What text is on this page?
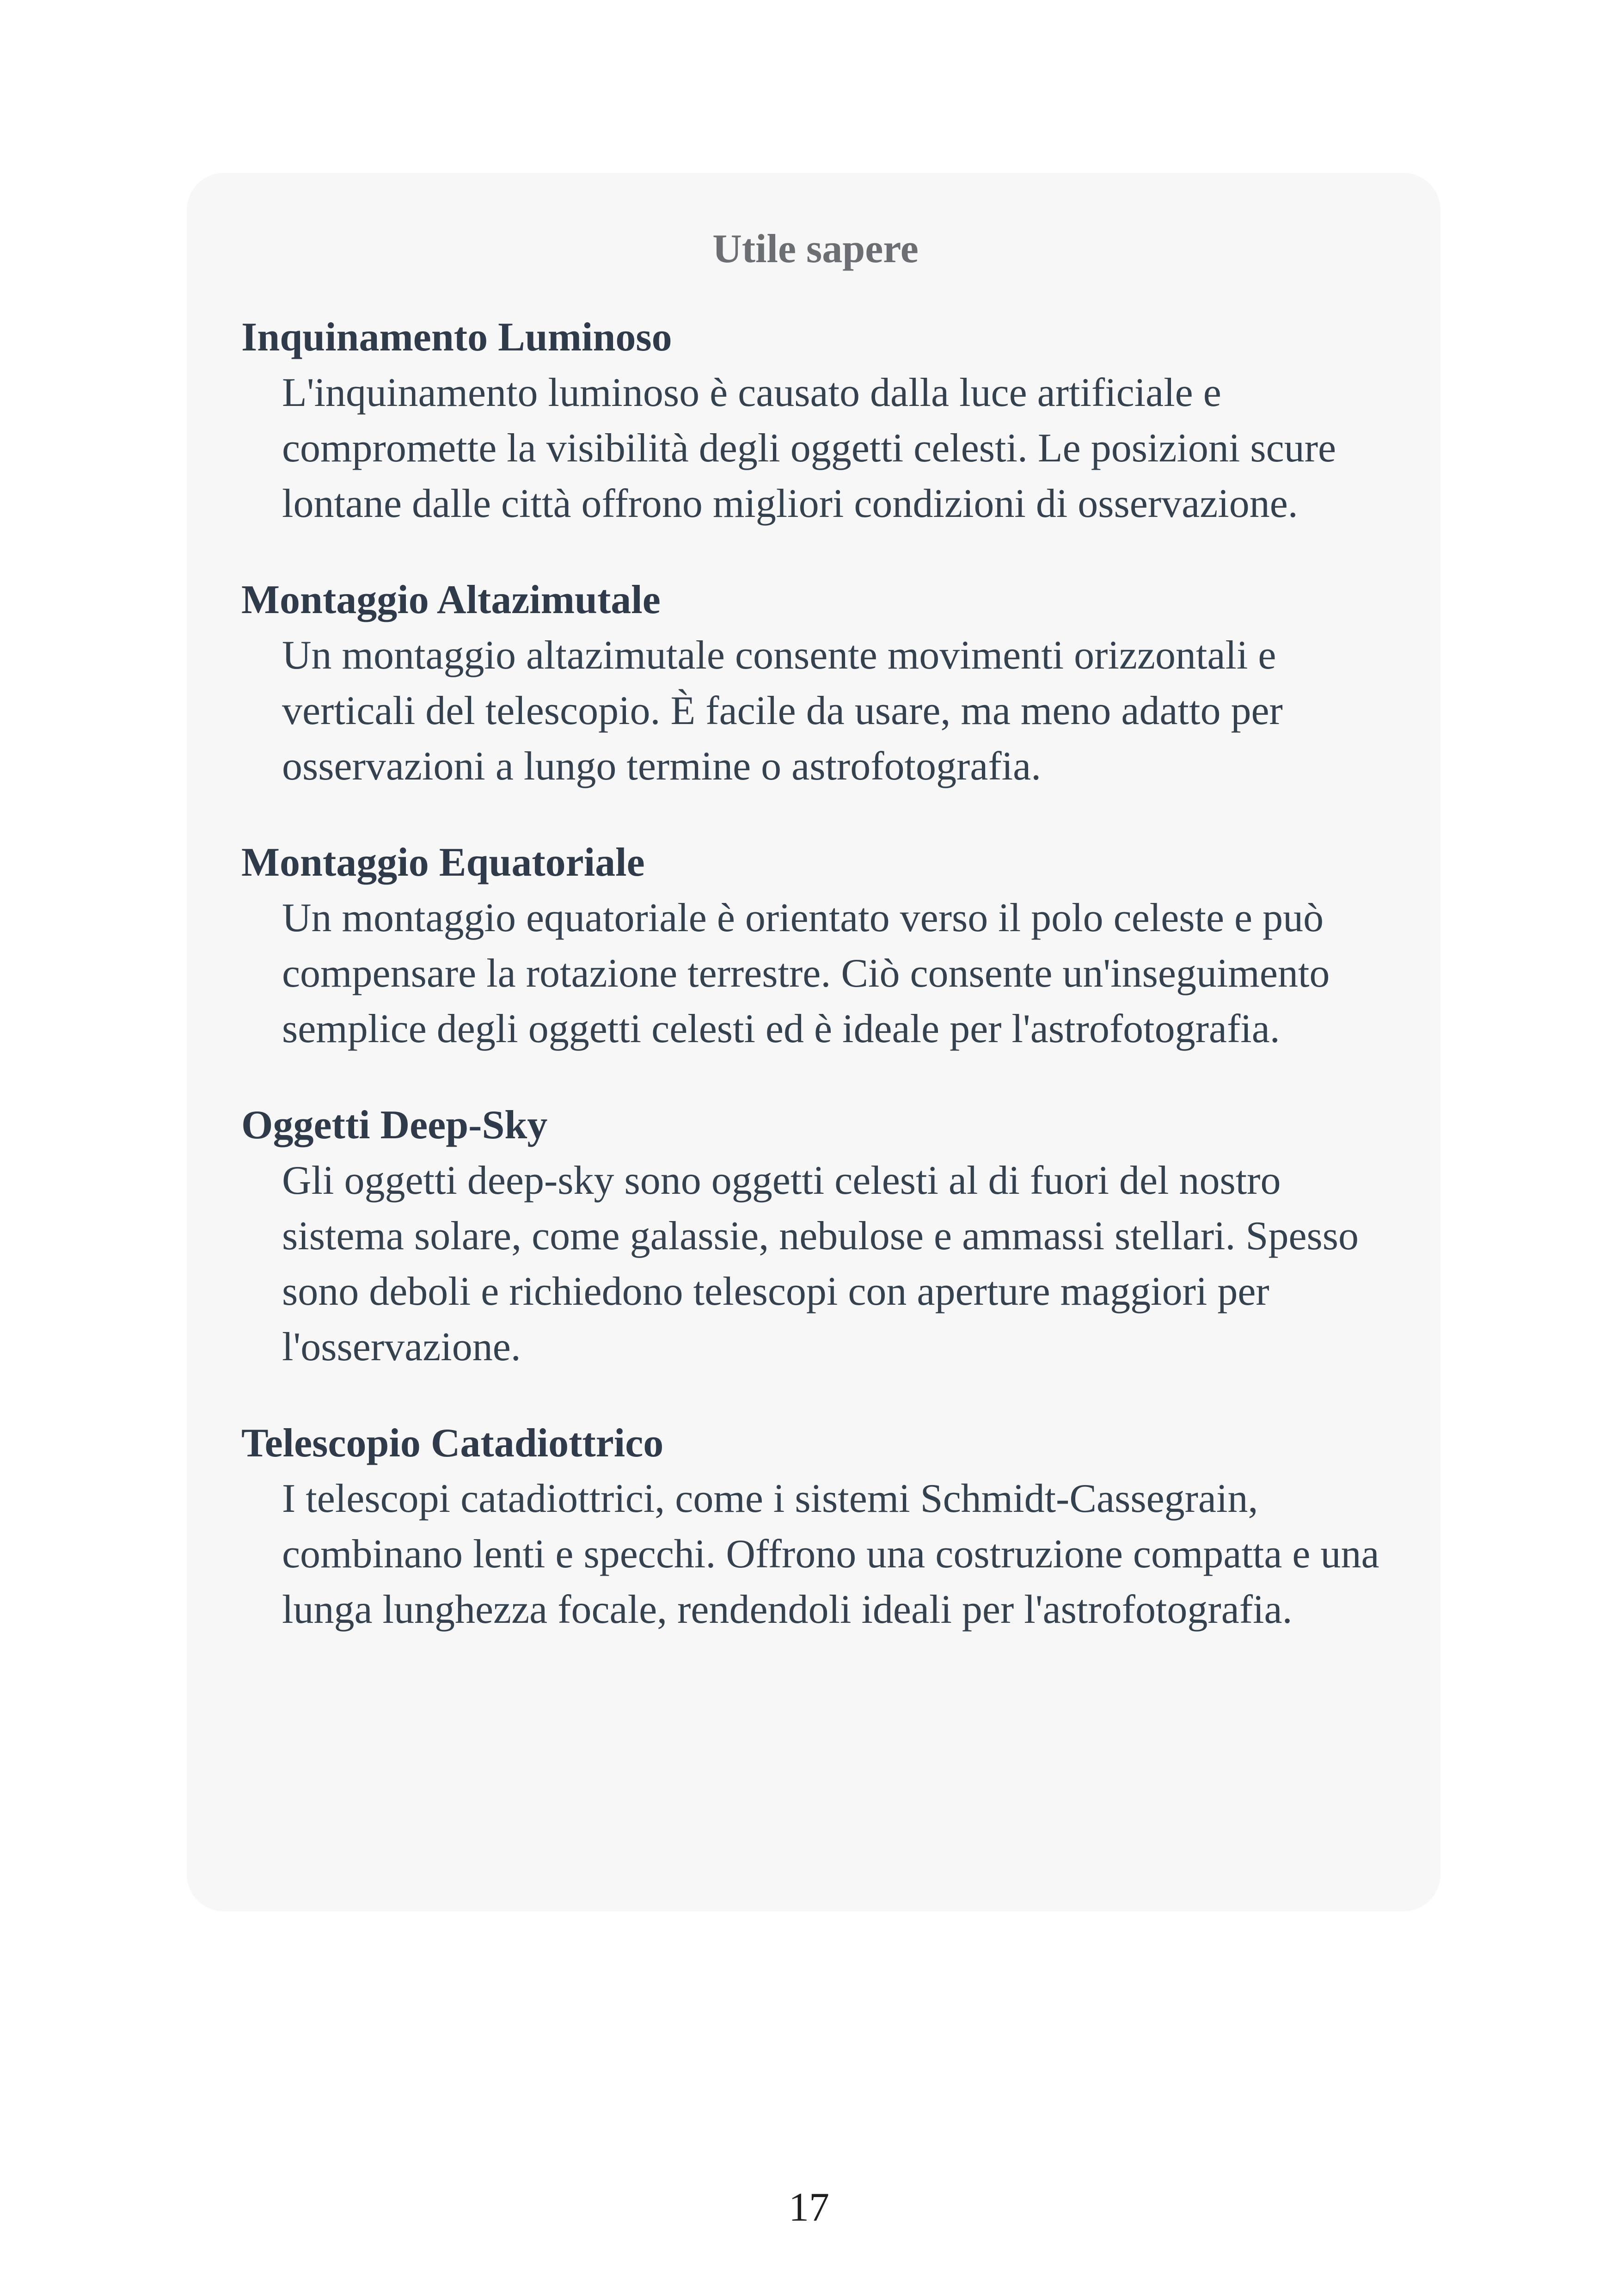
Utile sapere

Inquinamento Luminoso

L'inquinamento luminoso è causato dalla luce artificiale e compromette la visibilità degli oggetti celesti. Le posizioni scure lontane dalle città offrono migliori condizioni di osservazione.

Montaggio Altazimutale

Un montaggio altazimutale consente movimenti orizzontali e verticali del telescopio. È facile da usare, ma meno adatto per osservazioni a lungo termine o astrofotografia.

Montaggio Equatoriale

Un montaggio equatoriale è orientato verso il polo celeste e può compensare la rotazione terrestre. Ciò consente un'inseguimento semplice degli oggetti celesti ed è ideale per l'astrofotografia.

Oggetti Deep-Sky

Gli oggetti deep-sky sono oggetti celesti al di fuori del nostro sistema solare, come galassie, nebulose e ammassi stellari. Spesso sono deboli e richiedono telescopi con aperture maggiori per l'osservazione.

Telescopio Catadiottrico

I telescopi catadiottrici, come i sistemi Schmidt-Cassegrain, combinano lenti e specchi. Offrono una costruzione compatta e una lunga lunghezza focale, rendendoli ideali per l'astrofotografia.

17
